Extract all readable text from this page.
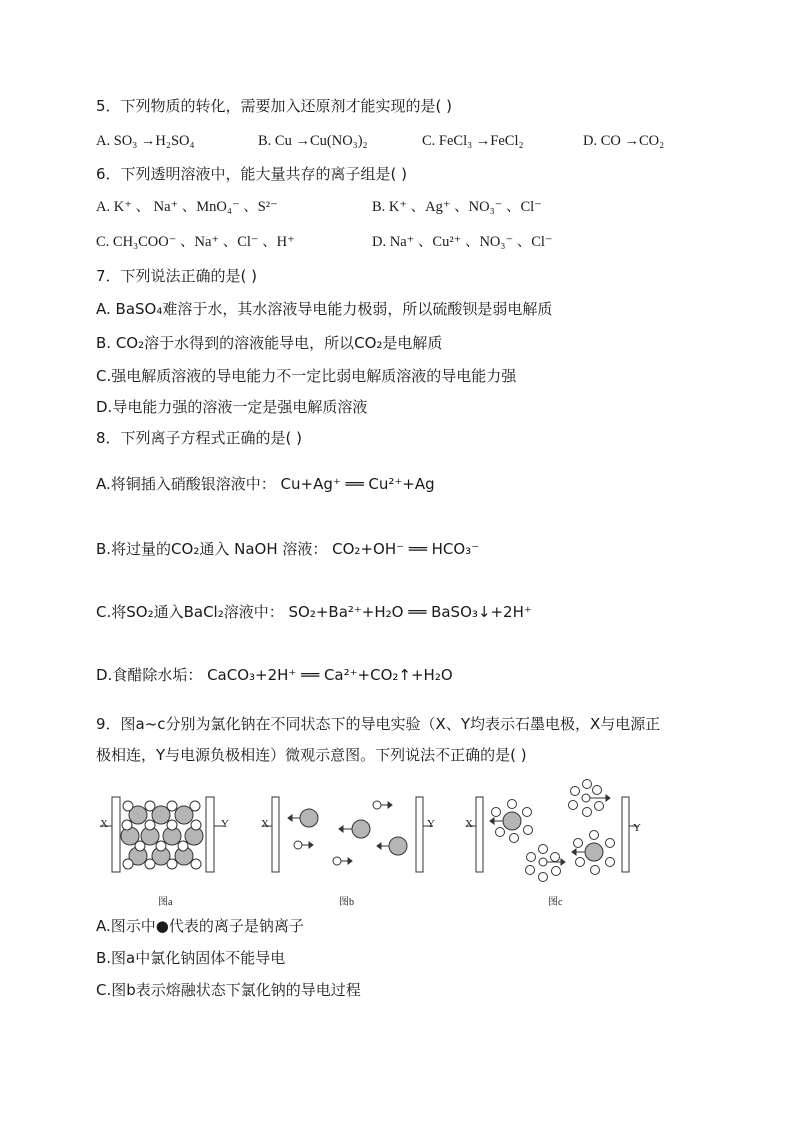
5．下列物质的转化，需要加入还原剂才能实现的是( )
A. SO₃ →H₂SO₄	B. Cu →Cu(NO₃)₂	C. FeCl₃ →FeCl₂	D. CO →CO₂
6．下列透明溶液中，能大量共存的离子组是( )
A. K⁺ 、 Na⁺ 、MnO₄⁻ 、S²⁻	B. K⁺ 、Ag⁺ 、NO₃⁻ 、Cl⁻
C. CH₃COO⁻ 、Na⁺ 、Cl⁻ 、H⁺	D. Na⁺ 、Cu²⁺ 、NO₃⁻ 、Cl⁻
7．下列说法正确的是( )
A. BaSO₄难溶于水，其水溶液导电能力极弱，所以硫酸钡是弱电解质
B. CO₂溶于水得到的溶液能导电，所以CO₂是电解质
C.强电解质溶液的导电能力不一定比弱电解质溶液的导电能力强
D.导电能力强的溶液一定是强电解质溶液
8．下列离子方程式正确的是( )
A.将铜插入硝酸银溶液中： Cu+Ag⁺ ══ Cu²⁺+Ag
B.将过量的CO₂通入 NaOH 溶液： CO₂+OH⁻ ══ HCO₃⁻
C.将SO₂通入BaCl₂溶液中： SO₂+Ba²⁺+H₂O ══ BaSO₃↓+2H⁺
D.食醋除水垢： CaCO₃+2H⁺ ══ Ca²⁺+CO₂↑+H₂O
9．图a~c分别为氯化钠在不同状态下的导电实验（X、Y均表示石墨电极，X与电源正
极相连，Y与电源负极相连）微观示意图。下列说法不正确的是( )
X	Y	X	Y	X	Y
图a	图b	图c
A.图示中●代表的离子是钠离子
B.图a中氯化钠固体不能导电
C.图b表示熔融状态下氯化钠的导电过程
